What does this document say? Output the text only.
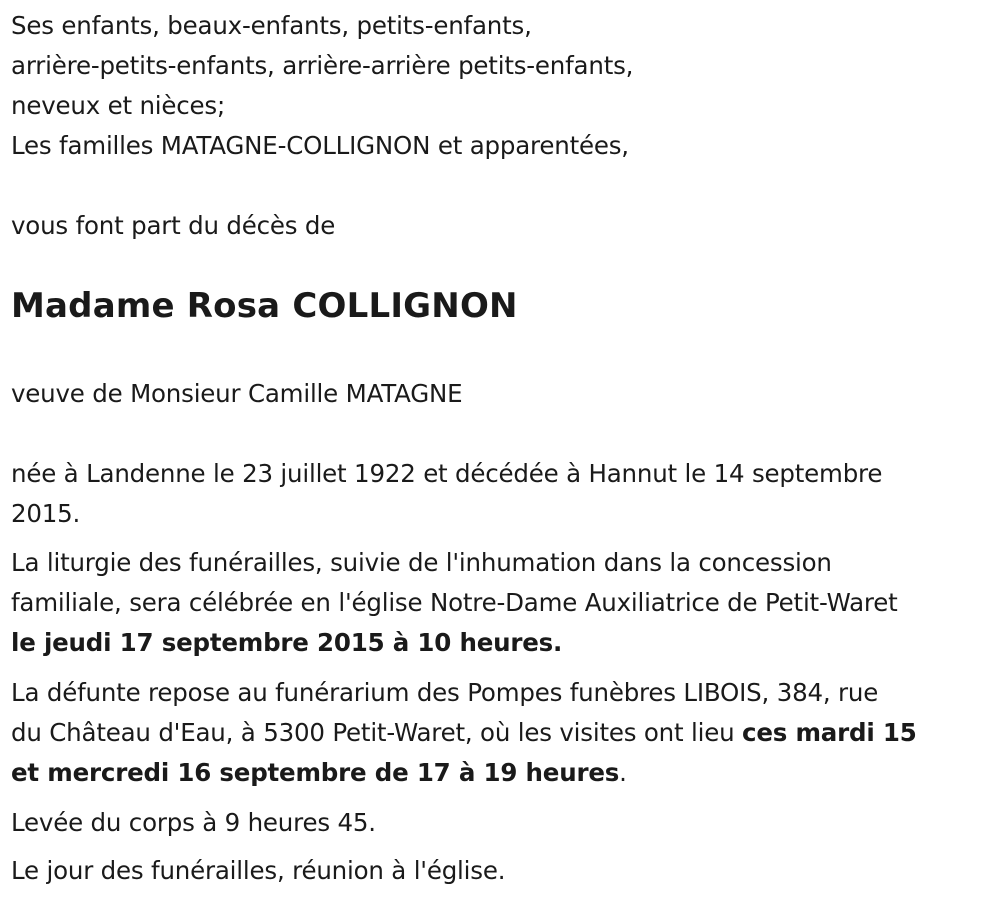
Ses enfants, beaux-enfants, petits-enfants,

arrière-petits-enfants, arrière-arrière petits-enfants,

neveux et nièces;

Les familles MATAGNE-COLLIGNON et apparentées,

vous font part du décès de

Madame Rosa COLLIGNON

veuve de Monsieur Camille MATAGNE

née à Landenne le 23 juillet 1922 et décédée à Hannut le 14 septembre
2015.

La liturgie des funérailles, suivie de l'inhumation dans la concession
familiale, sera célébrée en l'église Notre-Dame Auxiliatrice de Petit-Waret
le jeudi 17 septembre 2015 à 10 heures.

La défunte repose au funérarium des Pompes funèbres LIBOIS, 384, rue
du Château d'Eau, à 5300 Petit-Waret, où les visites ont lieu ces mardi 15
et mercredi 16 septembre de 17 à 19 heures.

Levée du corps à 9 heures 45.

Le jour des funérailles, réunion à l'église.
